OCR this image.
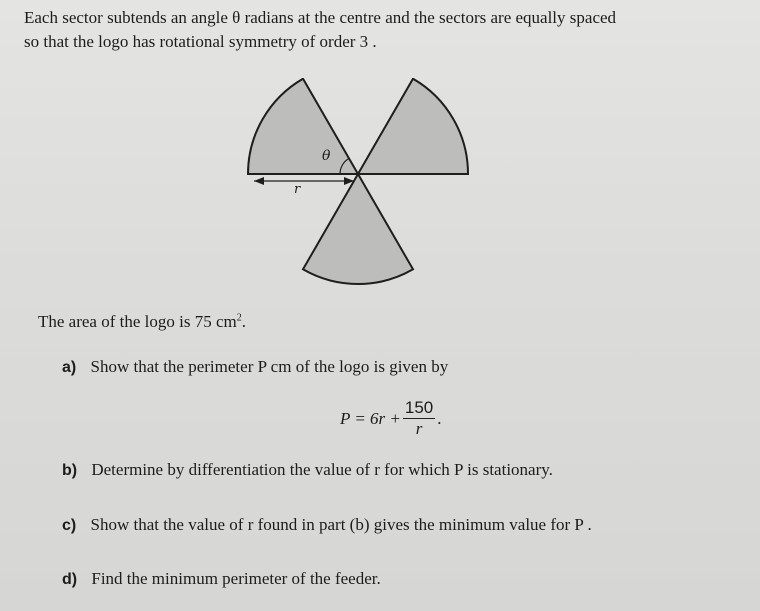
Each sector subtends an angle θ radians at the centre and the sectors are equally spaced
so that the logo has rotational symmetry of order 3 .
θ
r
The area of the logo is 75 $cm^2$.
a) Show that the perimeter P cm of the logo is given by
$P = 6r + \frac{150}{r}$ .
b) Determine by differentiation the value of r for which P is stationary.
c) Show that the value of r found in part (b) gives the minimum value for P .
d) Find the minimum perimeter of the feeder.
